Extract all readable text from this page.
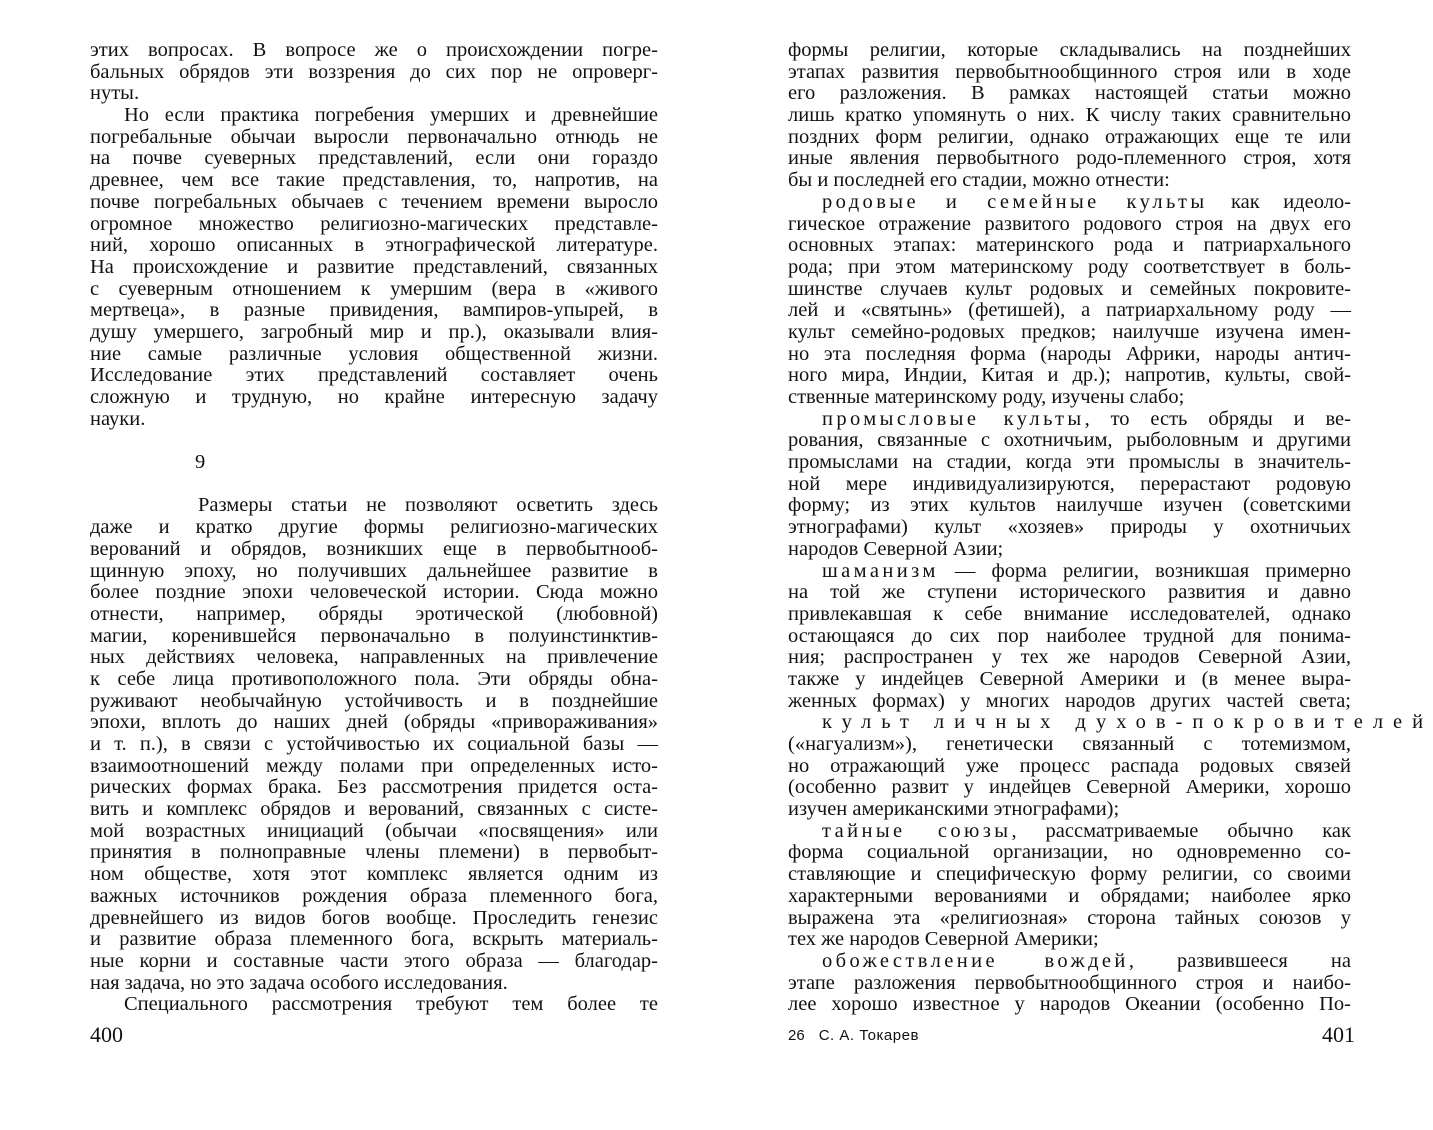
этих вопросах. В вопросе же о происхождении погре-
бальных обрядов эти воззрения до сих пор не опроверг-
нуты.
Но если практика погребения умерших и древнейшие
погребальные обычаи выросли первоначально отнюдь не
на почве суеверных представлений, если они гораздо
древнее, чем все такие представления, то, напротив, на
почве погребальных обычаев с течением времени выросло
огромное множество религиозно-магических представле-
ний, хорошо описанных в этнографической литературе.
На происхождение и развитие представлений, связанных
с суеверным отношением к умершим (вера в «живого
мертвеца», в разные привидения, вампиров-упырей, в
душу умершего, загробный мир и пр.), оказывали влия-
ние самые различные условия общественной жизни.
Исследование этих представлений составляет очень
сложную и трудную, но крайне интересную задачу
науки.
9
Размеры статьи не позволяют осветить здесь
даже и кратко другие формы религиозно-магических
верований и обрядов, возникших еще в первобытнооб-
щинную эпоху, но получивших дальнейшее развитие в
более поздние эпохи человеческой истории. Сюда можно
отнести, например, обряды эротической (любовной)
магии, коренившейся первоначально в полуинстинктив-
ных действиях человека, направленных на привлечение
к себе лица противоположного пола. Эти обряды обна-
руживают необычайную устойчивость и в позднейшие
эпохи, вплоть до наших дней (обряды «привораживания»
и т. п.), в связи с устойчивостью их социальной базы —
взаимоотношений между полами при определенных исто-
рических формах брака. Без рассмотрения придется оста-
вить и комплекс обрядов и верований, связанных с систе-
мой возрастных инициаций (обычаи «посвящения» или
принятия в полноправные члены племени) в первобыт-
ном обществе, хотя этот комплекс является одним из
важных источников рождения образа племенного бога,
древнейшего из видов богов вообще. Проследить генезис
и развитие образа племенного бога, вскрыть материаль-
ные корни и составные части этого образа — благодар-
ная задача, но это задача особого исследования.
Специального рассмотрения требуют тем более те
формы религии, которые складывались на позднейших
этапах развития первобытнообщинного строя или в ходе
его разложения. В рамках настоящей статьи можно
лишь кратко упомянуть о них. К числу таких сравнительно
поздних форм религии, однако отражающих еще те или
иные явления первобытного родо-племенного строя, хотя
бы и последней его стадии, можно отнести:
родовые и семейные культы как идеоло-
гическое отражение развитого родового строя на двух его
основных этапах: материнского рода и патриархального
рода; при этом материнскому роду соответствует в боль-
шинстве случаев культ родовых и семейных покровите-
лей и «святынь» (фетишей), а патриархальному роду —
культ семейно-родовых предков; наилучше изучена имен-
но эта последняя форма (народы Африки, народы антич-
ного мира, Индии, Китая и др.); напротив, культы, свой-
ственные материнскому роду, изучены слабо;
промысловые культы, то есть обряды и ве-
рования, связанные с охотничьим, рыболовным и другими
промыслами на стадии, когда эти промыслы в значитель-
ной мере индивидуализируются, перерастают родовую
форму; из этих культов наилучше изучен (советскими
этнографами) культ «хозяев» природы у охотничьих
народов Северной Азии;
шаманизм — форма религии, возникшая примерно
на той же ступени исторического развития и давно
привлекавшая к себе внимание исследователей, однако
остающаяся до сих пор наиболее трудной для понима-
ния; распространен у тех же народов Северной Азии,
также у индейцев Северной Америки и (в менее выра-
женных формах) у многих народов других частей света;
культ личных духов-покровителей
(«нагуализм»), генетически связанный с тотемизмом,
но отражающий уже процесс распада родовых связей
(особенно развит у индейцев Северной Америки, хорошо
изучен американскими этнографами);
тайные союзы, рассматриваемые обычно как
форма социальной организации, но одновременно со-
ставляющие и специфическую форму религии, со своими
характерными верованиями и обрядами; наиболее ярко
выражена эта «религиозная» сторона тайных союзов у
тех же народов Северной Америки;
обожествление вождей, развившееся на
этапе разложения первобытнообщинного строя и наибо-
лее хорошо известное у народов Океании (особенно По-
400	26 С. А. Токарев	401
